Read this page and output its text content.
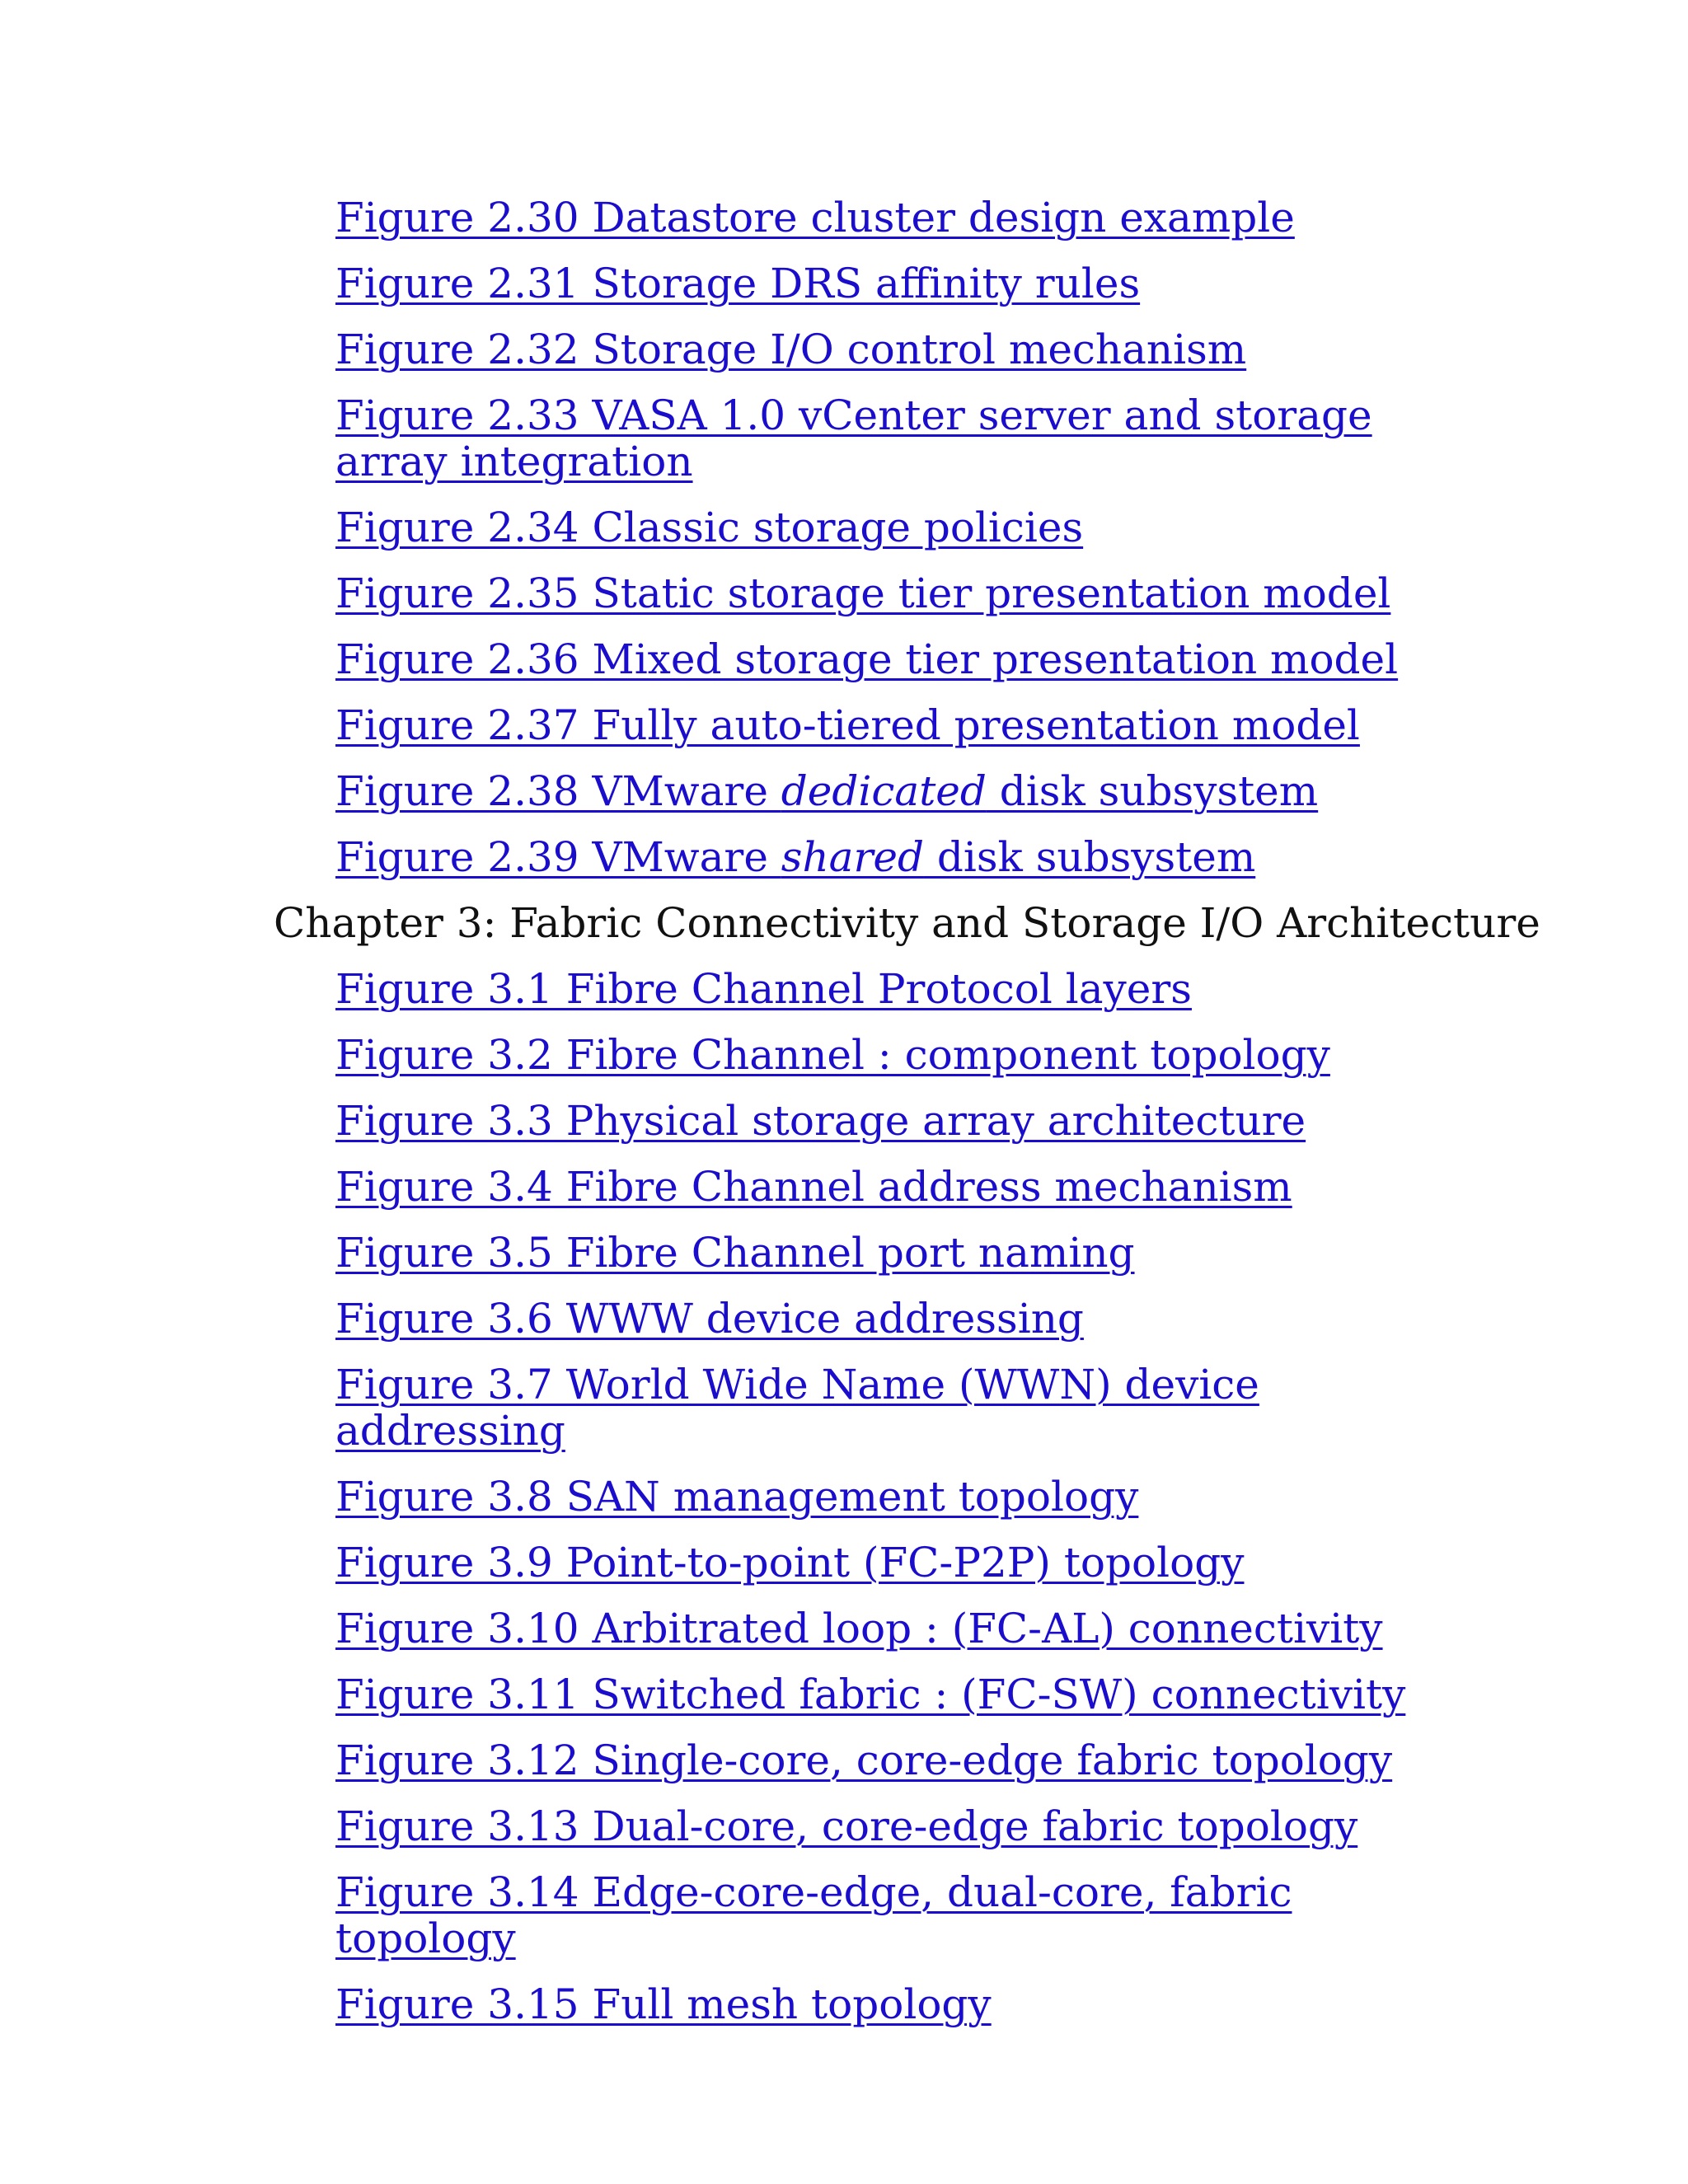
Figure 2.30 Datastore cluster design example
Figure 2.31 Storage DRS affinity rules
Figure 2.32 Storage I/O control mechanism
Figure 2.33 VASA 1.0 vCenter server and storage array integration
Figure 2.34 Classic storage policies
Figure 2.35 Static storage tier presentation model
Figure 2.36 Mixed storage tier presentation model
Figure 2.37 Fully auto-tiered presentation model
Figure 2.38 VMware dedicated disk subsystem
Figure 2.39 VMware shared disk subsystem
Chapter 3: Fabric Connectivity and Storage I/O Architecture
Figure 3.1 Fibre Channel Protocol layers
Figure 3.2 Fibre Channel : component topology
Figure 3.3 Physical storage array architecture
Figure 3.4 Fibre Channel address mechanism
Figure 3.5 Fibre Channel port naming
Figure 3.6 WWW device addressing
Figure 3.7 World Wide Name (WWN) device addressing
Figure 3.8 SAN management topology
Figure 3.9 Point-to-point (FC-P2P) topology
Figure 3.10 Arbitrated loop : (FC-AL) connectivity
Figure 3.11 Switched fabric : (FC-SW) connectivity
Figure 3.12 Single-core, core-edge fabric topology
Figure 3.13 Dual-core, core-edge fabric topology
Figure 3.14 Edge-core-edge, dual-core, fabric topology
Figure 3.15 Full mesh topology
